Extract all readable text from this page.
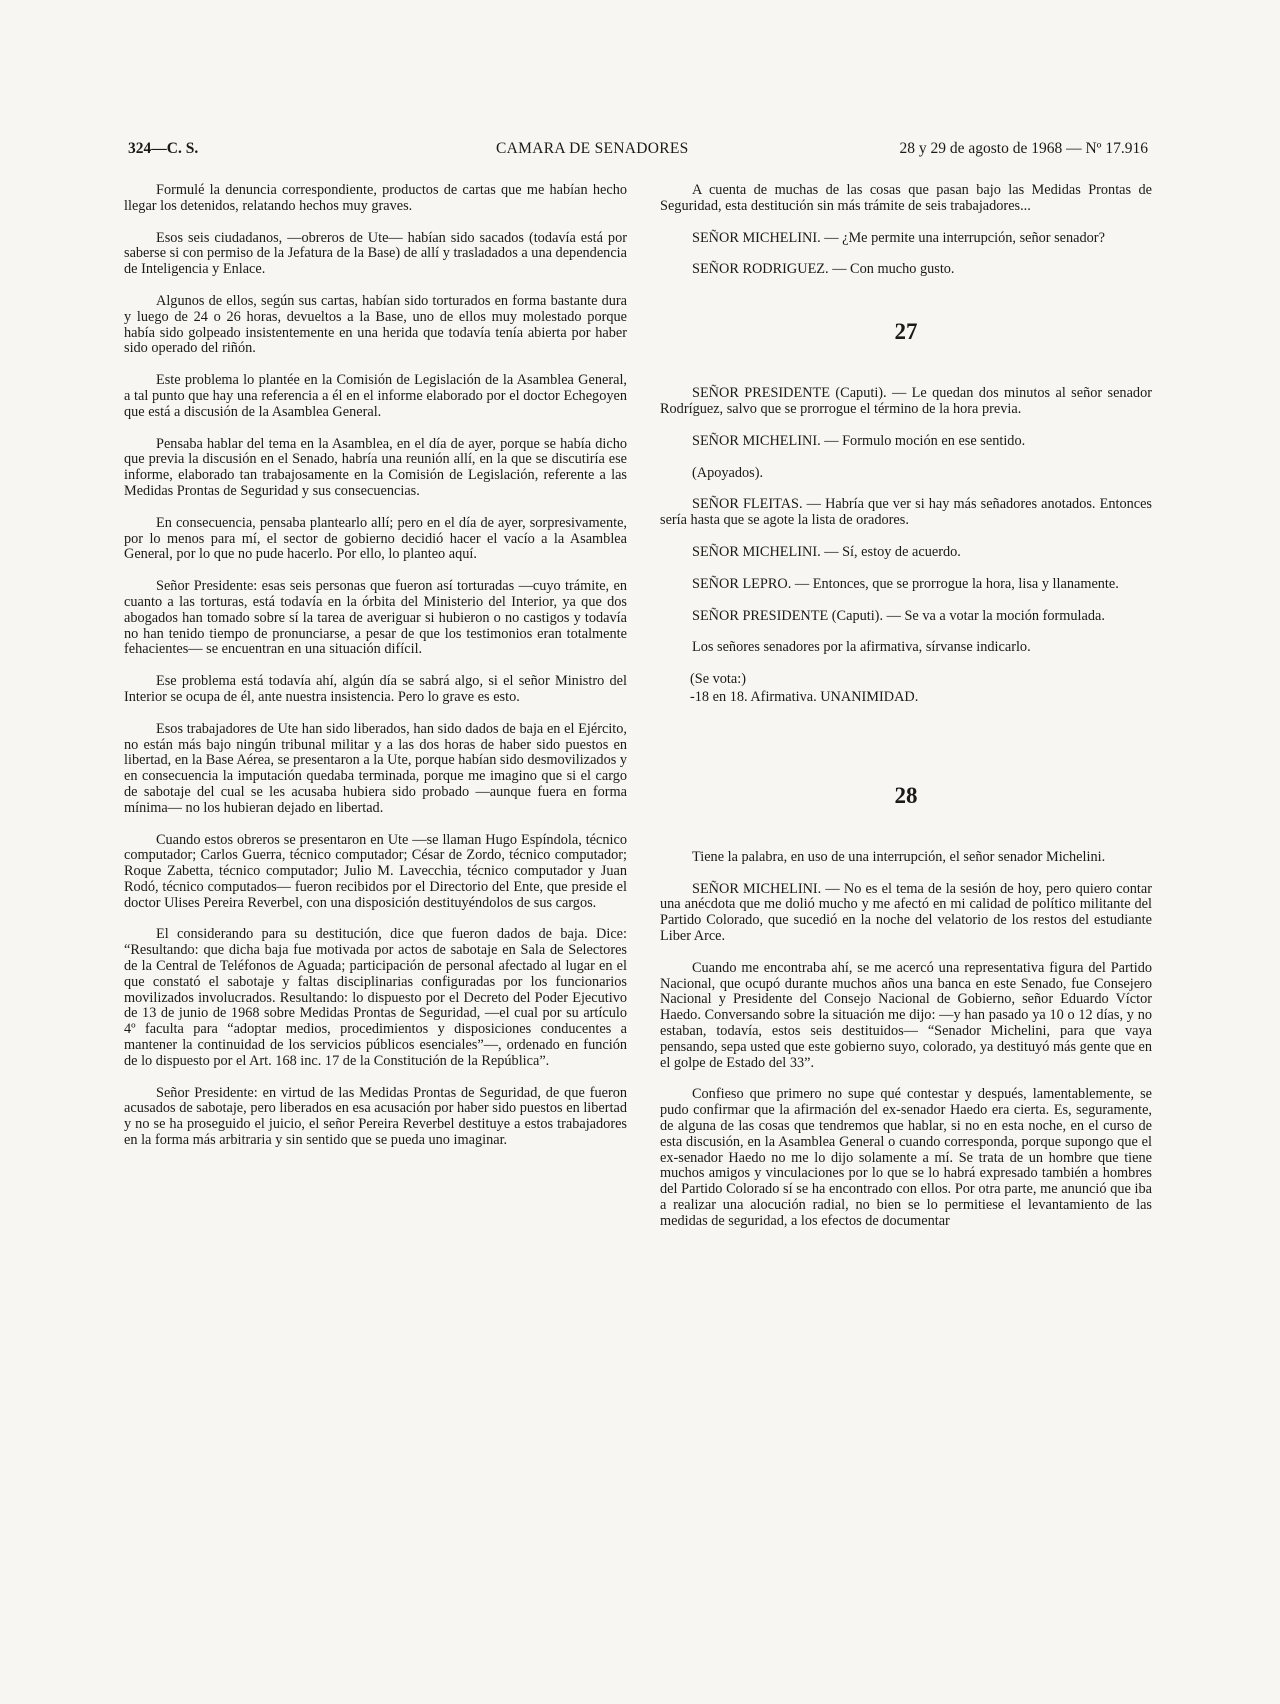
324—C. S.	CAMARA DE SENADORES	28 y 29 de agosto de 1968 — Nº 17.916

Formulé la denuncia correspondiente, productos de cartas que me habían hecho llegar los detenidos, relatando hechos muy graves.

Esos seis ciudadanos, —obreros de Ute— habían sido sacados (todavía está por saberse si con permiso de la Jefatura de la Base) de allí y trasladados a una dependencia de Inteligencia y Enlace.

Algunos de ellos, según sus cartas, habían sido torturados en forma bastante dura y luego de 24 o 26 horas, devueltos a la Base, uno de ellos muy molestado porque había sido golpeado insistentemente en una herida que todavía tenía abierta por haber sido operado del riñón.

Este problema lo plantée en la Comisión de Legislación de la Asamblea General, a tal punto que hay una referencia a él en el informe elaborado por el doctor Echegoyen que está a discusión de la Asamblea General.

Pensaba hablar del tema en la Asamblea, en el día de ayer, porque se había dicho que previa la discusión en el Senado, habría una reunión allí, en la que se discutiría ese informe, elaborado tan trabajosamente en la Comisión de Legislación, referente a las Medidas Prontas de Seguridad y sus consecuencias.

En consecuencia, pensaba plantearlo allí; pero en el día de ayer, sorpresivamente, por lo menos para mí, el sector de gobierno decidió hacer el vacío a la Asamblea General, por lo que no pude hacerlo. Por ello, lo planteo aquí.

Señor Presidente: esas seis personas que fueron así torturadas —cuyo trámite, en cuanto a las torturas, está todavía en la órbita del Ministerio del Interior, ya que dos abogados han tomado sobre sí la tarea de averiguar si hubieron o no castigos y todavía no han tenido tiempo de pronunciarse, a pesar de que los testimonios eran totalmente fehacientes— se encuentran en una situación difícil.

Ese problema está todavía ahí, algún día se sabrá algo, si el señor Ministro del Interior se ocupa de él, ante nuestra insistencia. Pero lo grave es esto.

Esos trabajadores de Ute han sido liberados, han sido dados de baja en el Ejército, no están más bajo ningún tribunal militar y a las dos horas de haber sido puestos en libertad, en la Base Aérea, se presentaron a la Ute, porque habían sido desmovilizados y en consecuencia la imputación quedaba terminada, porque me imagino que si el cargo de sabotaje del cual se les acusaba hubiera sido probado —aunque fuera en forma mínima— no los hubieran dejado en libertad.

Cuando estos obreros se presentaron en Ute —se llaman Hugo Espíndola, técnico computador; Carlos Guerra, técnico computador; César de Zordo, técnico computador; Roque Zabetta, técnico computador; Julio M. Lavecchia, técnico computador y Juan Rodó, técnico computados— fueron recibidos por el Directorio del Ente, que preside el doctor Ulises Pereira Reverbel, con una disposición destituyéndolos de sus cargos.

El considerando para su destitución, dice que fueron dados de baja. Dice: “Resultando: que dicha baja fue motivada por actos de sabotaje en Sala de Selectores de la Central de Teléfonos de Aguada; participación de personal afectado al lugar en el que constató el sabotaje y faltas disciplinarias configuradas por los funcionarios movilizados involucrados. Resultando: lo dispuesto por el Decreto del Poder Ejecutivo de 13 de junio de 1968 sobre Medidas Prontas de Seguridad, —el cual por su artículo 4º faculta para “adoptar medios, procedimientos y disposiciones conducentes a mantener la continuidad de los servicios públicos esenciales”—, ordenado en función de lo dispuesto por el Art. 168 inc. 17 de la Constitución de la República”.

Señor Presidente: en virtud de las Medidas Prontas de Seguridad, de que fueron acusados de sabotaje, pero liberados en esa acusación por haber sido puestos en libertad y no se ha proseguido el juicio, el señor Pereira Reverbel destituye a estos trabajadores en la forma más arbitraria y sin sentido que se pueda uno imaginar.

A cuenta de muchas de las cosas que pasan bajo las Medidas Prontas de Seguridad, esta destitución sin más trámite de seis trabajadores...

SEÑOR MICHELINI. — ¿Me permite una interrupción, señor senador?

SEÑOR RODRIGUEZ. — Con mucho gusto.

27

SEÑOR PRESIDENTE (Caputi). — Le quedan dos minutos al señor senador Rodríguez, salvo que se prorrogue el término de la hora previa.

SEÑOR MICHELINI. — Formulo moción en ese sentido.

(Apoyados).

SEÑOR FLEITAS. — Habría que ver si hay más señadores anotados. Entonces sería hasta que se agote la lista de oradores.

SEÑOR MICHELINI. — Sí, estoy de acuerdo.

SEÑOR LEPRO. — Entonces, que se prorrogue la hora, lisa y llanamente.

SEÑOR PRESIDENTE (Caputi). — Se va a votar la moción formulada.

Los señores senadores por la afirmativa, sírvanse indicarlo.

(Se vota:)

-18 en 18. Afirmativa. UNANIMIDAD.

28

Tiene la palabra, en uso de una interrupción, el señor senador Michelini.

SEÑOR MICHELINI. — No es el tema de la sesión de hoy, pero quiero contar una anécdota que me dolió mucho y me afectó en mi calidad de político militante del Partido Colorado, que sucedió en la noche del velatorio de los restos del estudiante Liber Arce.

Cuando me encontraba ahí, se me acercó una representativa figura del Partido Nacional, que ocupó durante muchos años una banca en este Senado, fue Consejero Nacional y Presidente del Consejo Nacional de Gobierno, señor Eduardo Víctor Haedo. Conversando sobre la situación me dijo: —y han pasado ya 10 o 12 días, y no estaban, todavía, estos seis destituidos— “Senador Michelini, para que vaya pensando, sepa usted que este gobierno suyo, colorado, ya destituyó más gente que en el golpe de Estado del 33”.

Confieso que primero no supe qué contestar y después, lamentablemente, se pudo confirmar que la afirmación del ex-senador Haedo era cierta. Es, seguramente, de alguna de las cosas que tendremos que hablar, si no en esta noche, en el curso de esta discusión, en la Asamblea General o cuando corresponda, porque supongo que el ex-senador Haedo no me lo dijo solamente a mí. Se trata de un hombre que tiene muchos amigos y vinculaciones por lo que se lo habrá expresado también a hombres del Partido Colorado sí se ha encontrado con ellos. Por otra parte, me anunció que iba a realizar una alocución radial, no bien se lo permitiese el levantamiento de las medidas de seguridad, a los efectos de documentar
